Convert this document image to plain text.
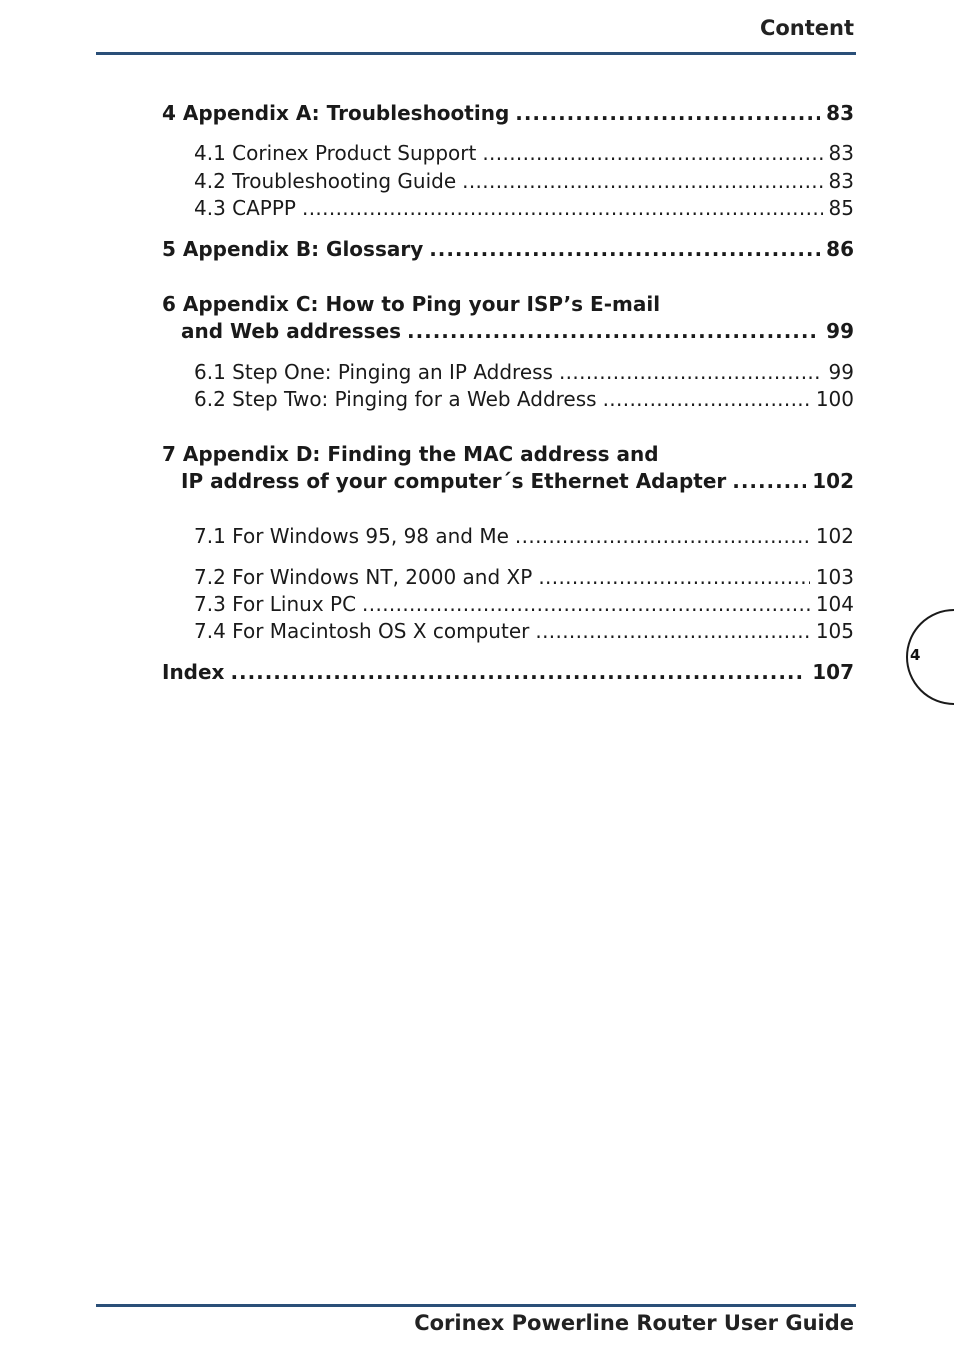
Content
4 Appendix A: Troubleshooting . . .	83
4.1 Corinex Product Support . . .	83
4.2 Troubleshooting Guide . . .	83
4.3 CAPPP . . .	85
5 Appendix B: Glossary . . .	86
6 Appendix C: How to Ping your ISP’s E-mail
and Web addresses . . .	99
6.1 Step One: Pinging an IP Address . . .	99
6.2 Step Two: Pinging for a Web Address . . .	100
7 Appendix D: Finding the MAC address and
IP address of your computer´s Ethernet Adapter . . .	102
7.1 For Windows 95, 98 and Me . . .	102
7.2 For Windows NT, 2000 and XP . . .	103
7.3 For Linux PC . . .	104
7.4 For Macintosh OS X computer . . .	105
Index . . .	107
4
Corinex Powerline Router User Guide
